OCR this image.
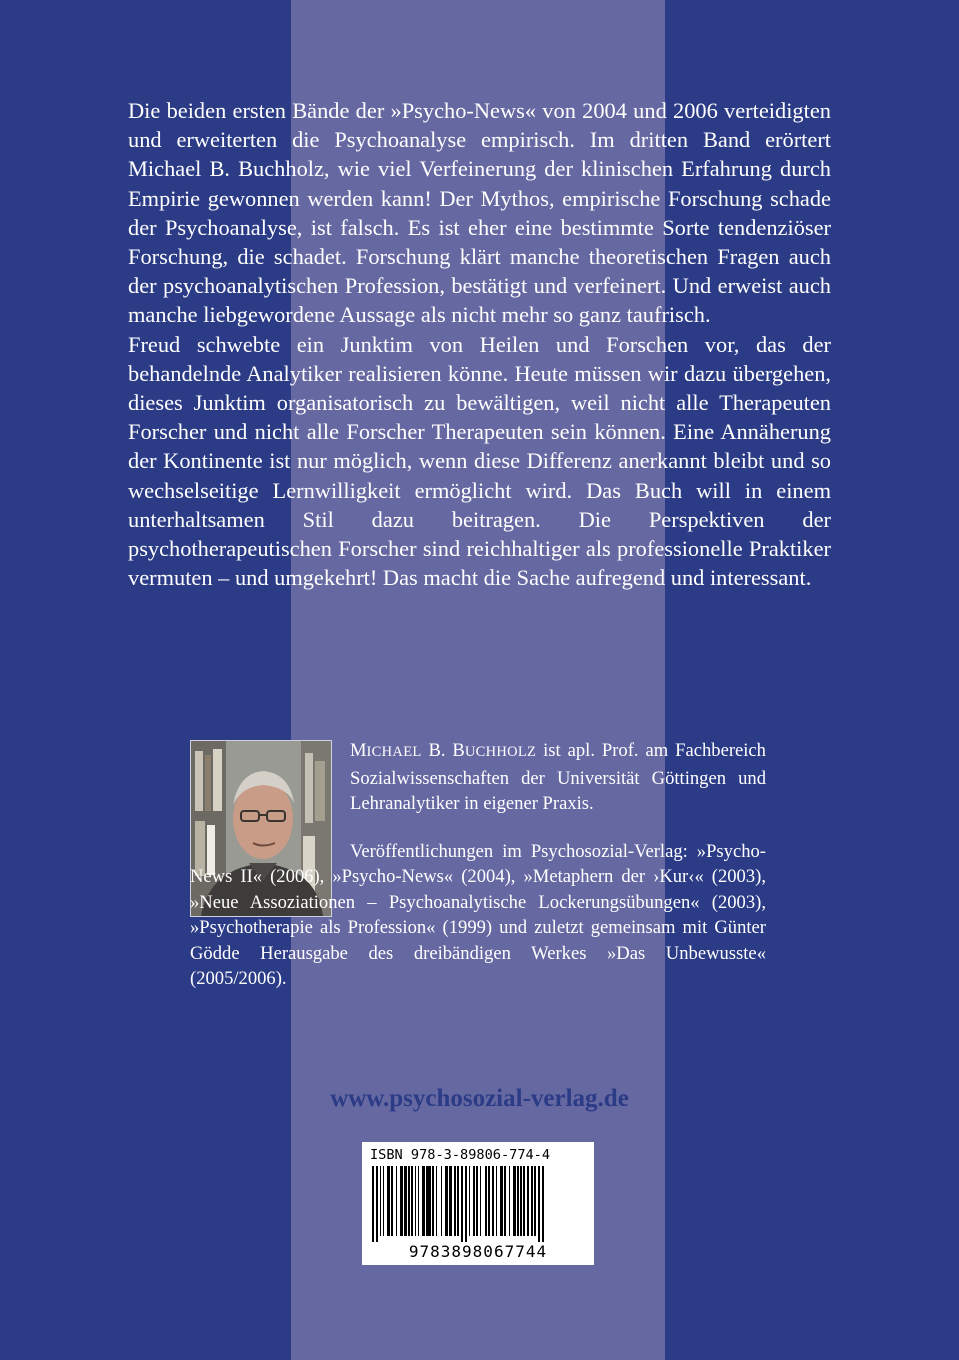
Die beiden ersten Bände der »Psycho-News« von 2004 und 2006 verteidigten und erweiterten die Psychoanalyse empirisch. Im dritten Band erörtert Michael B. Buchholz, wie viel Verfeinerung der klinischen Erfahrung durch Empirie gewonnen werden kann! Der Mythos, empirische Forschung schade der Psychoanalyse, ist falsch. Es ist eher eine bestimmte Sorte tendenziöser Forschung, die schadet. Forschung klärt manche theoretischen Fragen auch der psychoanalytischen Profession, bestätigt und verfeinert. Und erweist auch manche liebgewordene Aussage als nicht mehr so ganz taufrisch.

Freud schwebte ein Junktim von Heilen und Forschen vor, das der behandelnde Analytiker realisieren könne. Heute müssen wir dazu übergehen, dieses Junktim organisatorisch zu bewältigen, weil nicht alle Therapeuten Forscher und nicht alle Forscher Therapeuten sein können. Eine Annäherung der Kontinente ist nur möglich, wenn diese Differenz anerkannt bleibt und so wechselseitige Lernwilligkeit ermöglicht wird. Das Buch will in einem unterhaltsamen Stil dazu beitragen. Die Perspektiven der psychotherapeutischen Forscher sind reichhaltiger als professionelle Praktiker vermuten – und umgekehrt! Das macht die Sache aufregend und interessant.

MICHAEL B. BUCHHOLZ ist apl. Prof. am Fachbereich Sozialwissenschaften der Universität Göttingen und Lehranalytiker in eigener Praxis.

Veröffentlichungen im Psychosozial-Verlag: »Psycho-News II« (2006), »Psycho-News« (2004), »Metaphern der ›Kur‹« (2003), »Neue Assoziationen – Psychoanalytische Lockerungsübungen« (2003), »Psychotherapie als Profession« (1999) und zuletzt gemeinsam mit Günter Gödde Herausgabe des dreibändigen Werkes »Das Unbewusste« (2005/2006).

www.psychosozial-verlag.de
ISBN 978-3-89806-774-4
9783898067744
